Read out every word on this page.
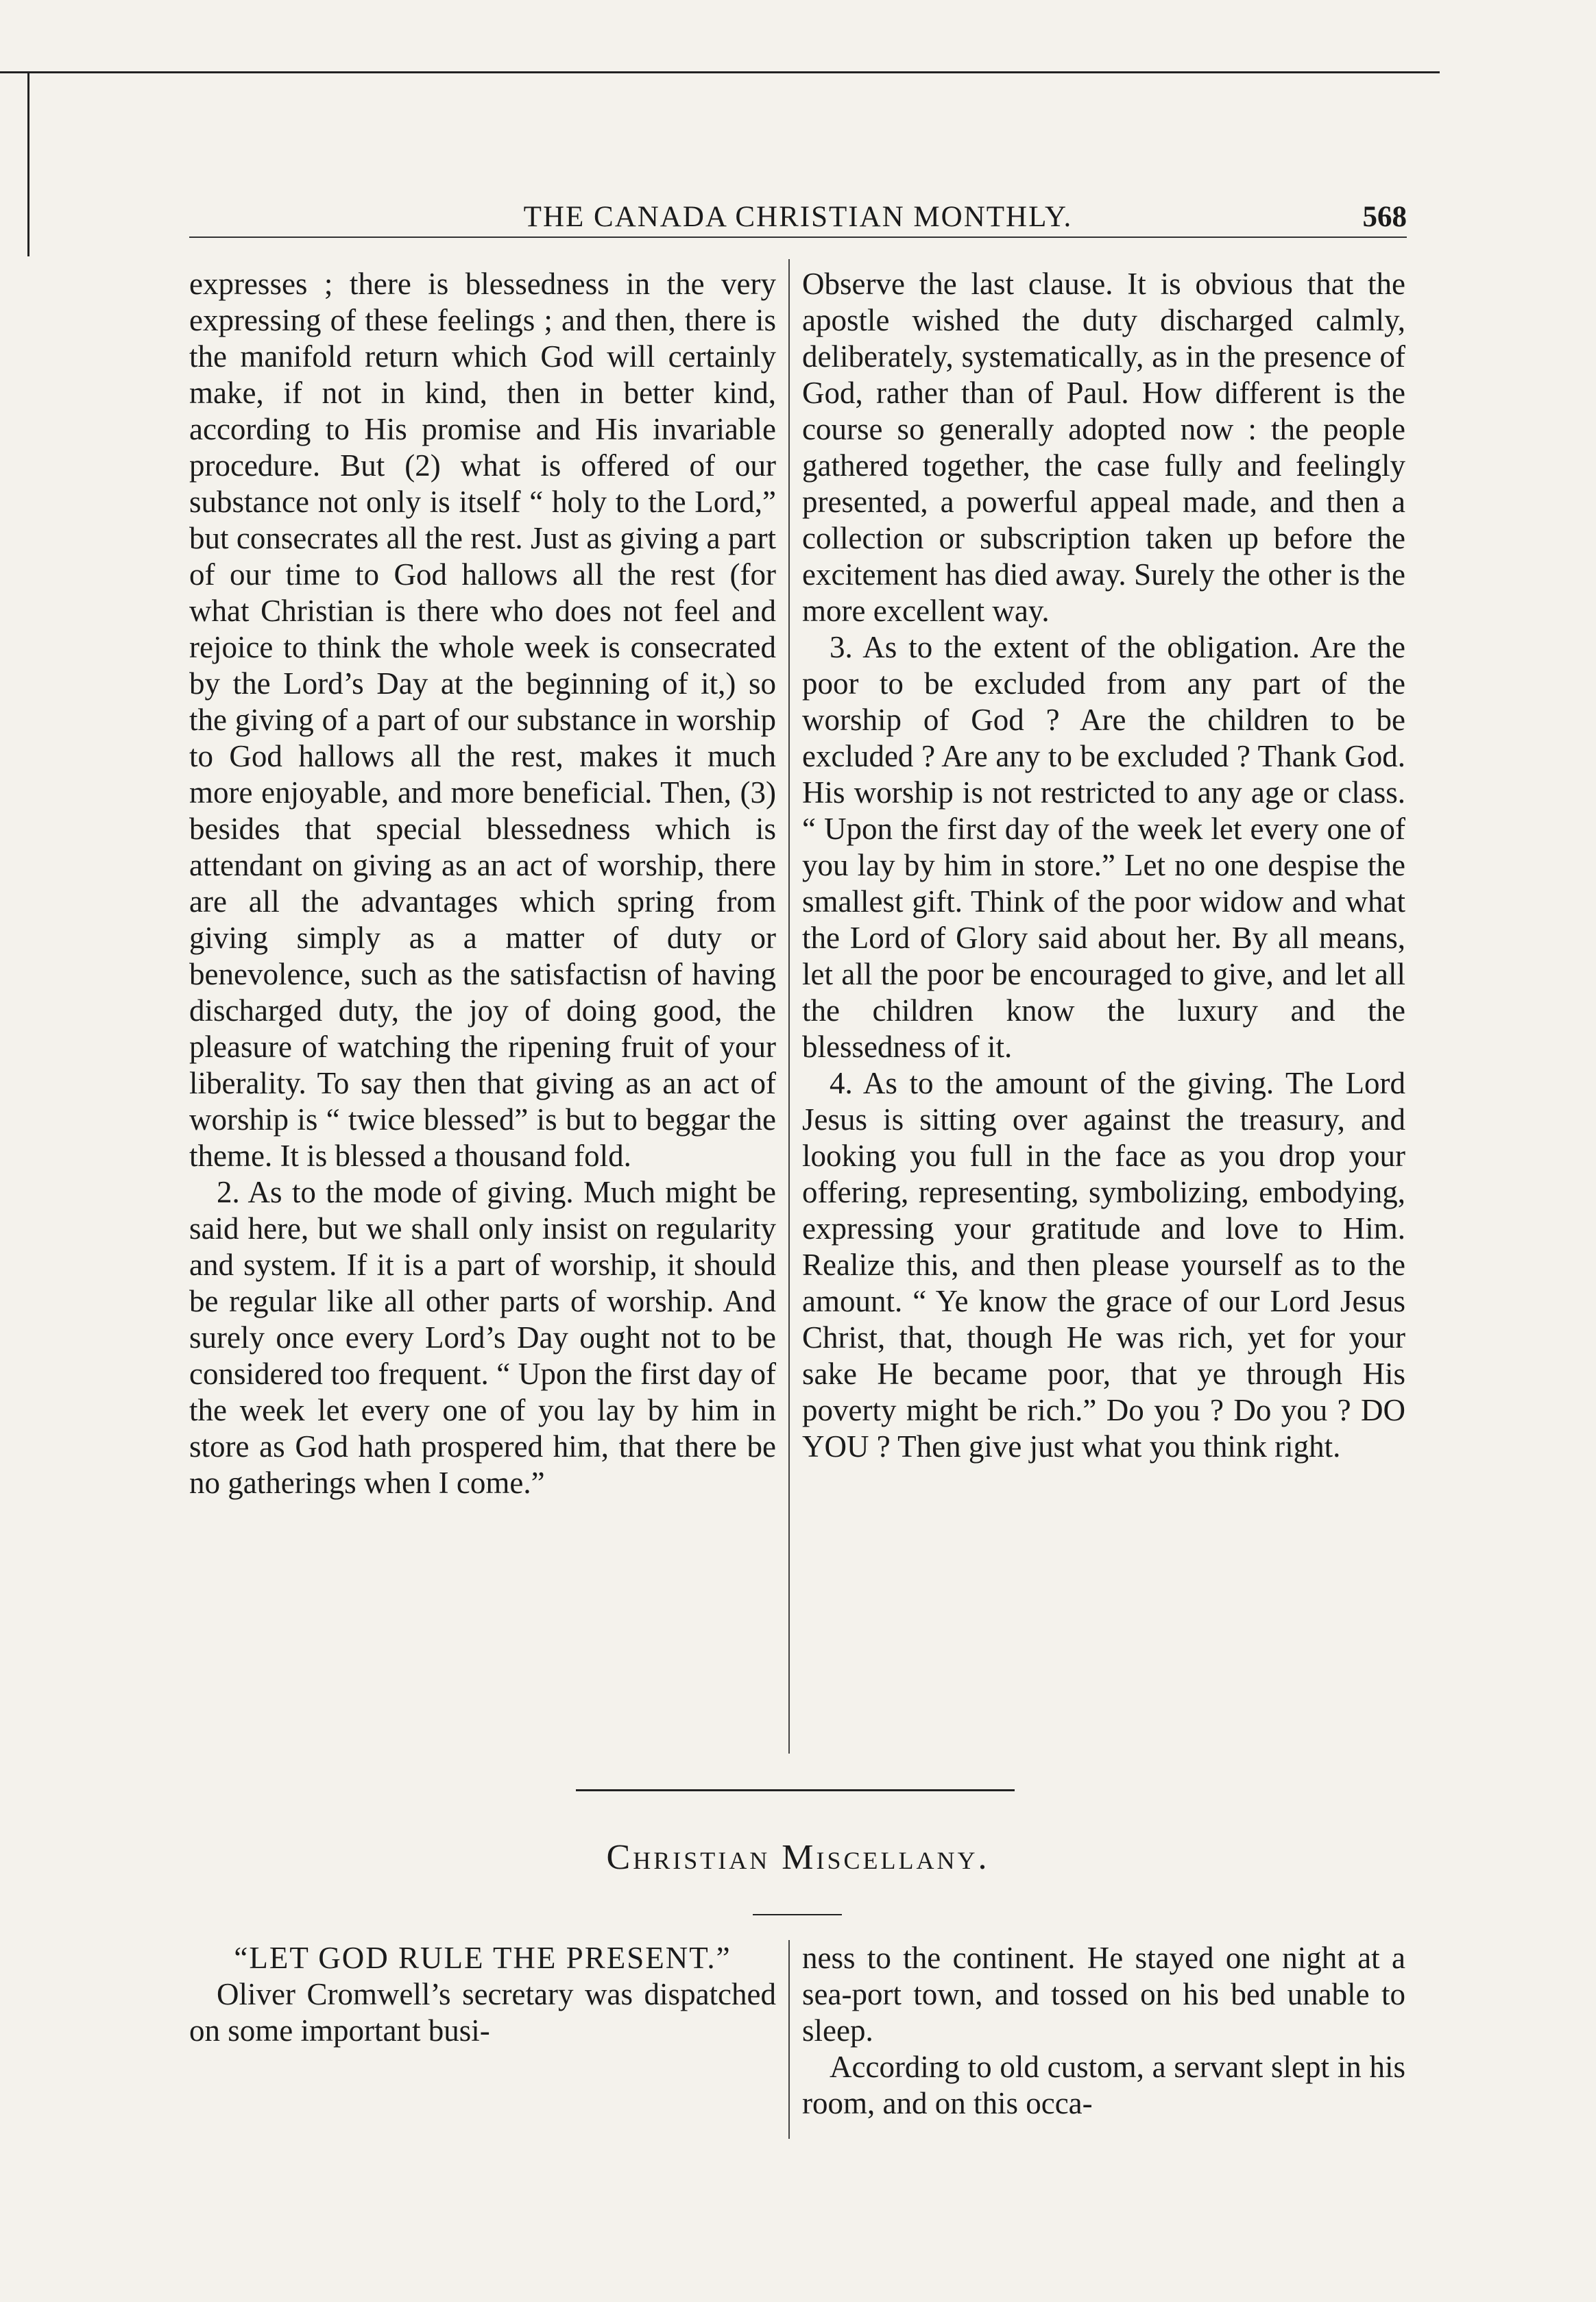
THE CANADA CHRISTIAN MONTHLY.	568

expresses ; there is blessedness in the very expressing of these feelings ; and then, there is the manifold return which God will certainly make, if not in kind, then in better kind, according to His promise and His invariable procedure. But (2) what is offered of our substance not only is itself “ holy to the Lord,” but consecrates all the rest. Just as giving a part of our time to God hallows all the rest (for what Christian is there who does not feel and rejoice to think the whole week is consecrated by the Lord’s Day at the beginning of it,) so the giving of a part of our substance in worship to God hallows all the rest, makes it much more enjoyable, and more beneficial. Then, (3) besides that special blessedness which is attendant on giving as an act of worship, there are all the advantages which spring from giving simply as a matter of duty or benevolence, such as the satisfactisn of having discharged duty, the joy of doing good, the pleasure of watching the ripening fruit of your liberality. To say then that giving as an act of worship is “ twice blessed” is but to beggar the theme. It is blessed a thousand fold.

2. As to the mode of giving. Much might be said here, but we shall only insist on regularity and system. If it is a part of worship, it should be regular like all other parts of worship. And surely once every Lord’s Day ought not to be considered too frequent. “ Upon the first day of the week let every one of you lay by him in store as God hath prospered him, that there be no gatherings when I come.”

Observe the last clause. It is obvious that the apostle wished the duty discharged calmly, deliberately, systematically, as in the presence of God, rather than of Paul. How different is the course so generally adopted now : the people gathered together, the case fully and feelingly presented, a powerful appeal made, and then a collection or subscription taken up before the excitement has died away. Surely the other is the more excellent way.

3. As to the extent of the obligation. Are the poor to be excluded from any part of the worship of God ? Are the children to be excluded ? Are any to be excluded ? Thank God. His worship is not restricted to any age or class. “ Upon the first day of the week let every one of you lay by him in store.” Let no one despise the smallest gift. Think of the poor widow and what the Lord of Glory said about her. By all means, let all the poor be encouraged to give, and let all the children know the luxury and the blessedness of it.

4. As to the amount of the giving. The Lord Jesus is sitting over against the treasury, and looking you full in the face as you drop your offering, representing, symbolizing, embodying, expressing your gratitude and love to Him. Realize this, and then please yourself as to the amount. “ Ye know the grace of our Lord Jesus Christ, that, though He was rich, yet for your sake He became poor, that ye through His poverty might be rich.” Do you ? Do you ? DO YOU ? Then give just what you think right.

Christian Miscellany.
“LET GOD RULE THE PRESENT.”

Oliver Cromwell’s secretary was dispatched on some important busi-

ness to the continent. He stayed one night at a sea-port town, and tossed on his bed unable to sleep.

According to old custom, a servant slept in his room, and on this occa-
